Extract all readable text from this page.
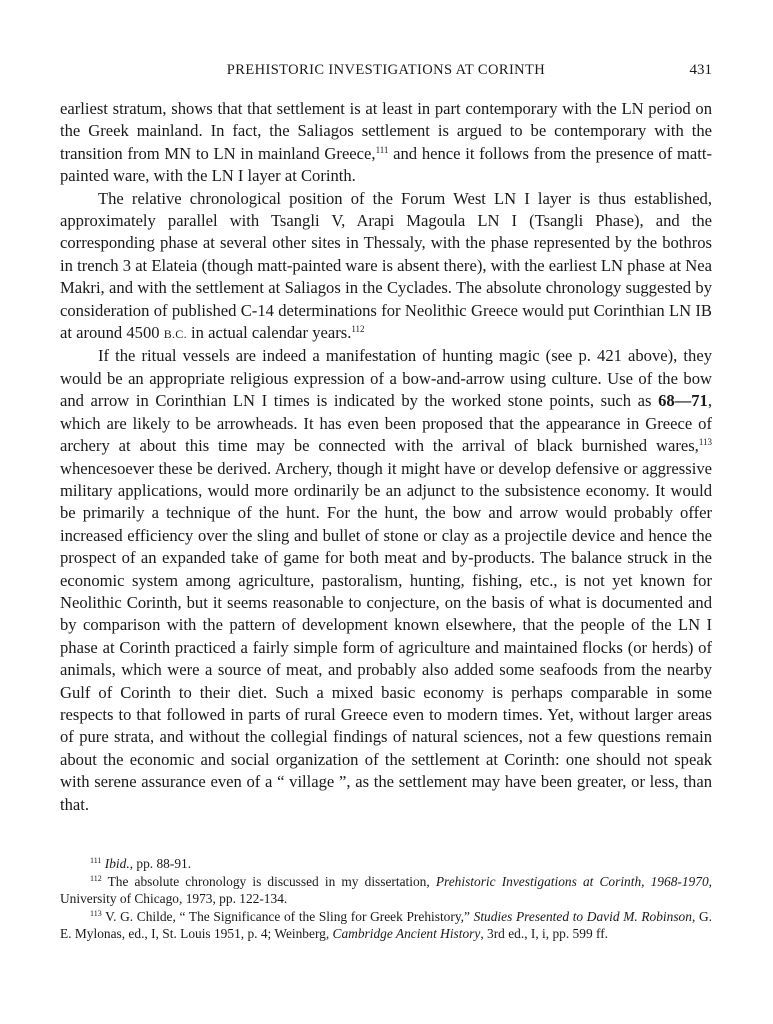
PREHISTORIC INVESTIGATIONS AT CORINTH	431

earliest stratum, shows that that settlement is at least in part contemporary with the LN period on the Greek mainland. In fact, the Saliagos settlement is argued to be contemporary with the transition from MN to LN in mainland Greece,$^{111}$ and hence it follows from the presence of matt-painted ware, with the LN I layer at Corinth.

The relative chronological position of the Forum West LN I layer is thus established, approximately parallel with Tsangli V, Arapi Magoula LN I (Tsangli Phase), and the corresponding phase at several other sites in Thessaly, with the phase represented by the bothros in trench 3 at Elateia (though matt-painted ware is absent there), with the earliest LN phase at Nea Makri, and with the settlement at Saliagos in the Cyclades. The absolute chronology suggested by consideration of published C-14 determinations for Neolithic Greece would put Corinthian LN IB at around 4500 B.C. in actual calendar years.$^{112}$

If the ritual vessels are indeed a manifestation of hunting magic (see p. 421 above), they would be an appropriate religious expression of a bow-and-arrow using culture. Use of the bow and arrow in Corinthian LN I times is indicated by the worked stone points, such as 68—71, which are likely to be arrowheads. It has even been proposed that the appearance in Greece of archery at about this time may be connected with the arrival of black burnished wares,$^{113}$ whencesoever these be derived. Archery, though it might have or develop defensive or aggressive military applications, would more ordinarily be an adjunct to the subsistence economy. It would be primarily a technique of the hunt. For the hunt, the bow and arrow would probably offer increased efficiency over the sling and bullet of stone or clay as a projectile device and hence the prospect of an expanded take of game for both meat and by-products. The balance struck in the economic system among agriculture, pastoralism, hunting, fishing, etc., is not yet known for Neolithic Corinth, but it seems reasonable to conjecture, on the basis of what is documented and by comparison with the pattern of development known elsewhere, that the people of the LN I phase at Corinth practiced a fairly simple form of agriculture and maintained flocks (or herds) of animals, which were a source of meat, and probably also added some seafoods from the nearby Gulf of Corinth to their diet. Such a mixed basic economy is perhaps comparable in some respects to that followed in parts of rural Greece even to modern times. Yet, without larger areas of pure strata, and without the collegial findings of natural sciences, not a few questions remain about the economic and social organization of the settlement at Corinth: one should not speak with serene assurance even of a “ village ”, as the settlement may have been greater, or less, than that.

$^{111}$ Ibid., pp. 88-91.

$^{112}$ The absolute chronology is discussed in my dissertation, Prehistoric Investigations at Corinth, 1968-1970, University of Chicago, 1973, pp. 122-134.

$^{113}$ V. G. Childe, “ The Significance of the Sling for Greek Prehistory,” Studies Presented to David M. Robinson, G. E. Mylonas, ed., I, St. Louis 1951, p. 4; Weinberg, Cambridge Ancient History, 3rd ed., I, i, pp. 599 ff.
